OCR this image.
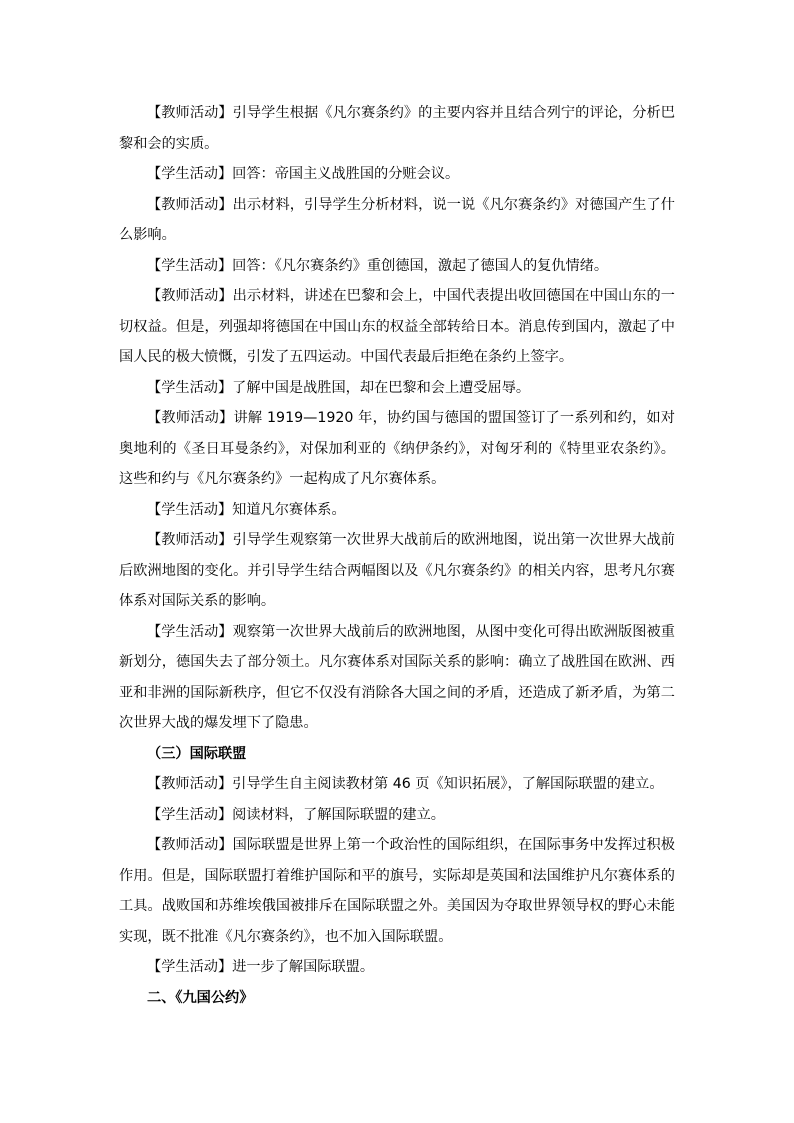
【教师活动】引导学生根据《凡尔赛条约》的主要内容并且结合列宁的评论，分析巴黎和会的实质。

【学生活动】回答：帝国主义战胜国的分赃会议。

【教师活动】出示材料，引导学生分析材料，说一说《凡尔赛条约》对德国产生了什么影响。

【学生活动】回答：《凡尔赛条约》重创德国，激起了德国人的复仇情绪。

【教师活动】出示材料，讲述在巴黎和会上，中国代表提出收回德国在中国山东的一切权益。但是，列强却将德国在中国山东的权益全部转给日本。消息传到国内，激起了中国人民的极大愤慨，引发了五四运动。中国代表最后拒绝在条约上签字。

【学生活动】了解中国是战胜国，却在巴黎和会上遭受屈辱。

【教师活动】讲解 1919—1920 年，协约国与德国的盟国签订了一系列和约，如对奥地利的《圣日耳曼条约》，对保加利亚的《纳伊条约》，对匈牙利的《特里亚农条约》。这些和约与《凡尔赛条约》一起构成了凡尔赛体系。

【学生活动】知道凡尔赛体系。

【教师活动】引导学生观察第一次世界大战前后的欧洲地图，说出第一次世界大战前后欧洲地图的变化。并引导学生结合两幅图以及《凡尔赛条约》的相关内容，思考凡尔赛体系对国际关系的影响。

【学生活动】观察第一次世界大战前后的欧洲地图，从图中变化可得出欧洲版图被重新划分，德国失去了部分领土。凡尔赛体系对国际关系的影响：确立了战胜国在欧洲、西亚和非洲的国际新秩序，但它不仅没有消除各大国之间的矛盾，还造成了新矛盾，为第二次世界大战的爆发埋下了隐患。

（三）国际联盟

【教师活动】引导学生自主阅读教材第 46 页《知识拓展》，了解国际联盟的建立。

【学生活动】阅读材料，了解国际联盟的建立。

【教师活动】国际联盟是世界上第一个政治性的国际组织，在国际事务中发挥过积极作用。但是，国际联盟打着维护国际和平的旗号，实际却是英国和法国维护凡尔赛体系的工具。战败国和苏维埃俄国被排斥在国际联盟之外。美国因为夺取世界领导权的野心未能实现，既不批准《凡尔赛条约》，也不加入国际联盟。

【学生活动】进一步了解国际联盟。

二、《九国公约》
